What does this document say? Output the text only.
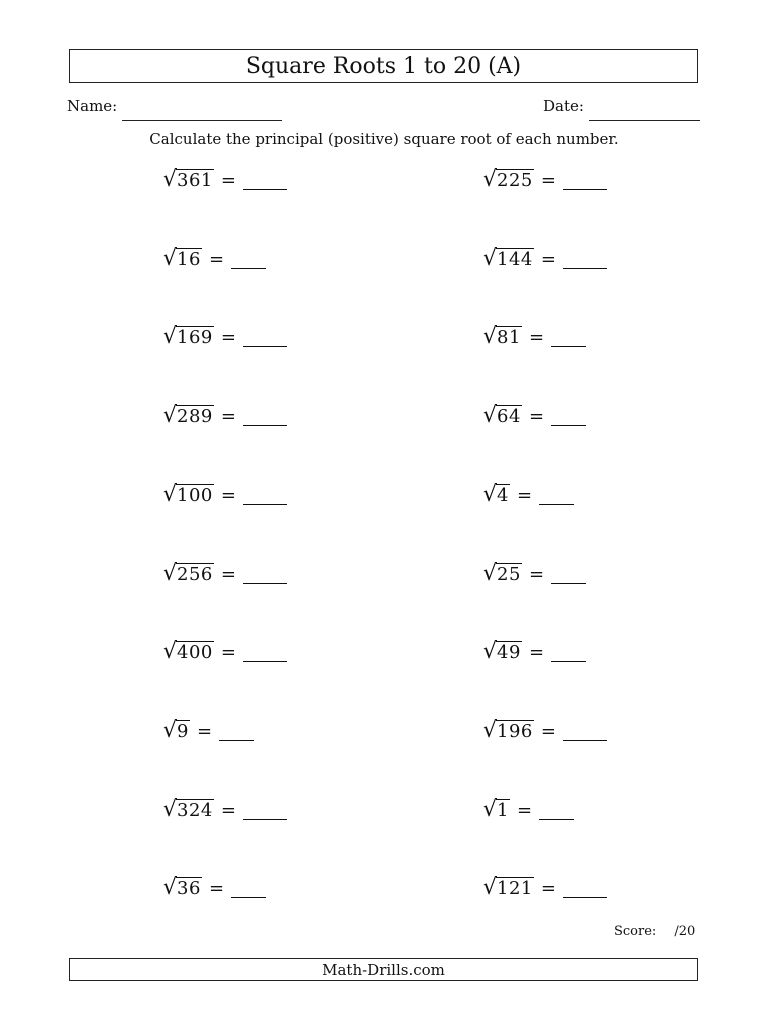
Square Roots 1 to 20 (A)
Name:	Date:
Calculate the principal (positive) square root of each number.
√ 361 =
√ 16 =
√ 169 =
√ 289 =
√ 100 =
√ 256 =
√ 400 =
√ 9 =
√ 324 =
√ 36 =
√ 225 =
√ 144 =
√ 81 =
√ 64 =
√ 4 =
√ 25 =
√ 49 =
√ 196 =
√ 1 =
√ 121 =
Score: /20
Math-Drills.com
